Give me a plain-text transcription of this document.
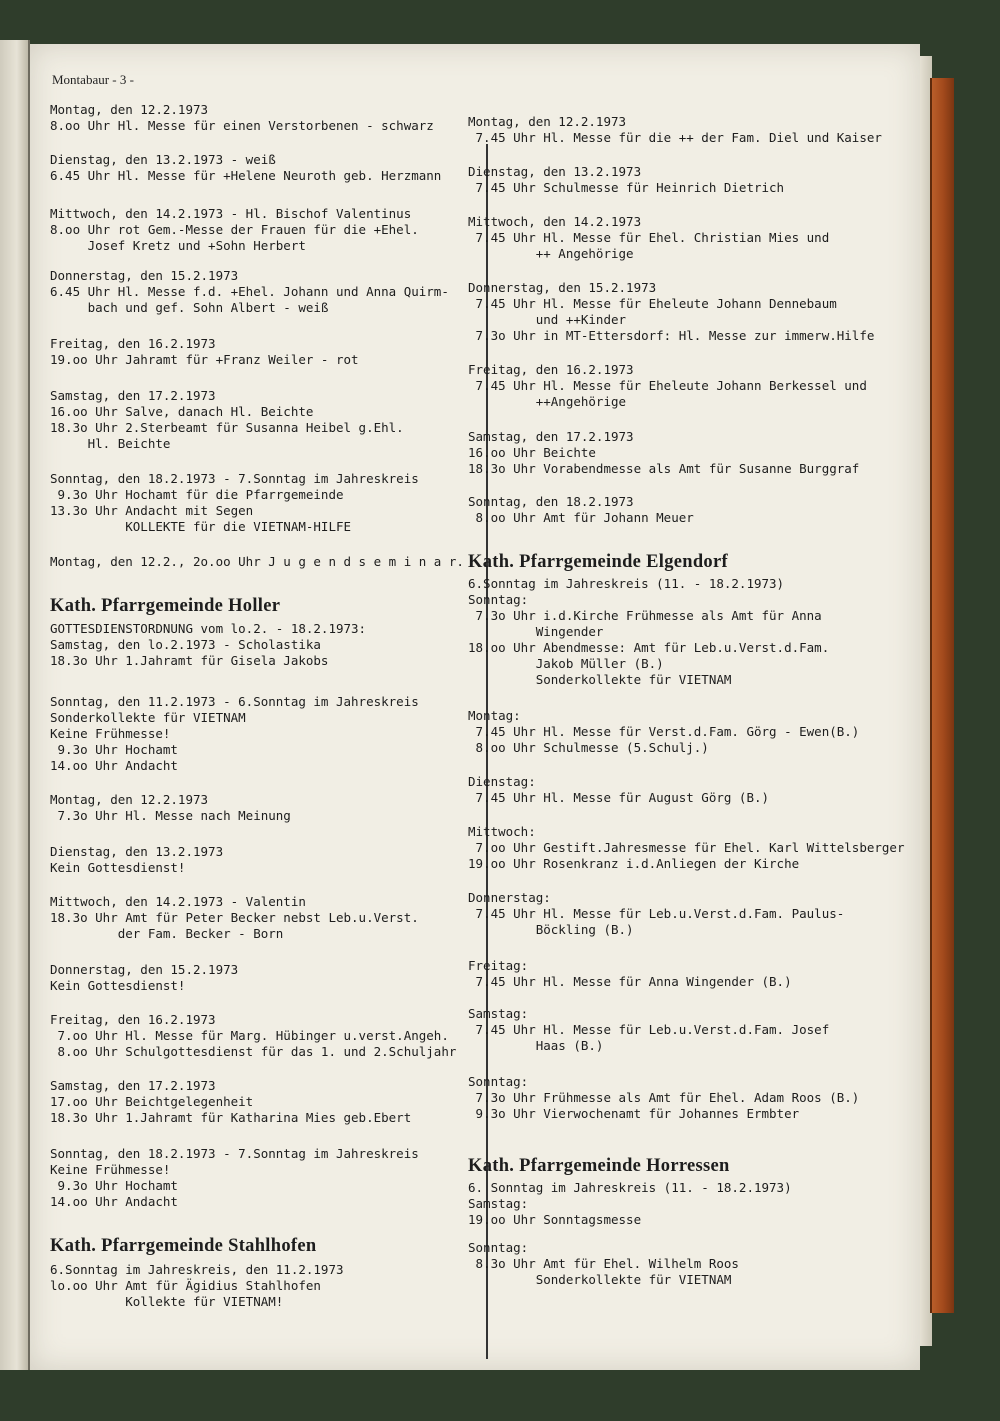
Montabaur - 3 -
Montag, den 12.2.1973
8.oo Uhr Hl. Messe für einen Verstorbenen - schwarz
Dienstag, den 13.2.1973 - weiß
6.45 Uhr Hl. Messe für +Helene Neuroth geb. Herzmann
Mittwoch, den 14.2.1973 - Hl. Bischof Valentinus
8.oo Uhr rot Gem.-Messe der Frauen für die +Ehel.
Josef Kretz und +Sohn Herbert
Donnerstag, den 15.2.1973
6.45 Uhr Hl. Messe f.d. +Ehel. Johann und Anna Quirm-
bach und gef. Sohn Albert - weiß
Freitag, den 16.2.1973
19.oo Uhr Jahramt für +Franz Weiler - rot
Samstag, den 17.2.1973
16.oo Uhr Salve, danach Hl. Beichte
18.3o Uhr 2.Sterbeamt für Susanna Heibel g.Ehl.
Hl. Beichte
Sonntag, den 18.2.1973 - 7.Sonntag im Jahreskreis
9.3o Uhr Hochamt für die Pfarrgemeinde
13.3o Uhr Andacht mit Segen
KOLLEKTE für die VIETNAM-HILFE
Montag, den 12.2., 2o.oo Uhr J u g e n d s e m i n a r.
Kath. Pfarrgemeinde Holler
GOTTESDIENSTORDNUNG vom lo.2. - 18.2.1973:
Samstag, den lo.2.1973 - Scholastika
18.3o Uhr 1.Jahramt für Gisela Jakobs
Sonntag, den 11.2.1973 - 6.Sonntag im Jahreskreis
Sonderkollekte für VIETNAM
Keine Frühmesse!
9.3o Uhr Hochamt
14.oo Uhr Andacht
Montag, den 12.2.1973
7.3o Uhr Hl. Messe nach Meinung
Dienstag, den 13.2.1973
Kein Gottesdienst!
Mittwoch, den 14.2.1973 - Valentin
18.3o Uhr Amt für Peter Becker nebst Leb.u.Verst.
der Fam. Becker - Born
Donnerstag, den 15.2.1973
Kein Gottesdienst!
Freitag, den 16.2.1973
7.oo Uhr Hl. Messe für Marg. Hübinger u.verst.Angeh.
8.oo Uhr Schulgottesdienst für das 1. und 2.Schuljahr
Samstag, den 17.2.1973
17.oo Uhr Beichtgelegenheit
18.3o Uhr 1.Jahramt für Katharina Mies geb.Ebert
Sonntag, den 18.2.1973 - 7.Sonntag im Jahreskreis
Keine Frühmesse!
9.3o Uhr Hochamt
14.oo Uhr Andacht
Kath. Pfarrgemeinde Stahlhofen
6.Sonntag im Jahreskreis, den 11.2.1973
lo.oo Uhr Amt für Ägidius Stahlhofen
Kollekte für VIETNAM!
Montag, den 12.2.1973
7.45 Uhr Hl. Messe für die ++ der Fam. Diel und Kaiser
Dienstag, den 13.2.1973
7.45 Uhr Schulmesse für Heinrich Dietrich
Mittwoch, den 14.2.1973
7.45 Uhr Hl. Messe für Ehel. Christian Mies und
++ Angehörige
Donnerstag, den 15.2.1973
7.45 Uhr Hl. Messe für Eheleute Johann Dennebaum
und ++Kinder
7.3o Uhr in MT-Ettersdorf: Hl. Messe zur immerw.Hilfe
Freitag, den 16.2.1973
7.45 Uhr Hl. Messe für Eheleute Johann Berkessel und
++Angehörige
Samstag, den 17.2.1973
16.oo Uhr Beichte
18.3o Uhr Vorabendmesse als Amt für Susanne Burggraf
Sonntag, den 18.2.1973
8.oo Uhr Amt für Johann Meuer
Kath. Pfarrgemeinde Elgendorf
6.Sonntag im Jahreskreis (11. - 18.2.1973)
Sonntag:
7.3o Uhr i.d.Kirche Frühmesse als Amt für Anna
Wingender
18.oo Uhr Abendmesse: Amt für Leb.u.Verst.d.Fam.
Jakob Müller (B.)
Sonderkollekte für VIETNAM
Montag:
7.45 Uhr Hl. Messe für Verst.d.Fam. Görg - Ewen(B.)
8.oo Uhr Schulmesse (5.Schulj.)
Dienstag:
7.45 Uhr Hl. Messe für August Görg (B.)
Mittwoch:
7.oo Uhr Gestift.Jahresmesse für Ehel. Karl Wittelsberger
19.oo Uhr Rosenkranz i.d.Anliegen der Kirche
Donnerstag:
7.45 Uhr Hl. Messe für Leb.u.Verst.d.Fam. Paulus-
Böckling (B.)
Freitag:
7.45 Uhr Hl. Messe für Anna Wingender (B.)
Samstag:
7.45 Uhr Hl. Messe für Leb.u.Verst.d.Fam. Josef
Haas (B.)
Sonntag:
7.3o Uhr Frühmesse als Amt für Ehel. Adam Roos (B.)
9.3o Uhr Vierwochenamt für Johannes Ermbter
Kath. Pfarrgemeinde Horressen
6. Sonntag im Jahreskreis (11. - 18.2.1973)
Samstag:
19.oo Uhr Sonntagsmesse
Sonntag:
8.3o Uhr Amt für Ehel. Wilhelm Roos
Sonderkollekte für VIETNAM
